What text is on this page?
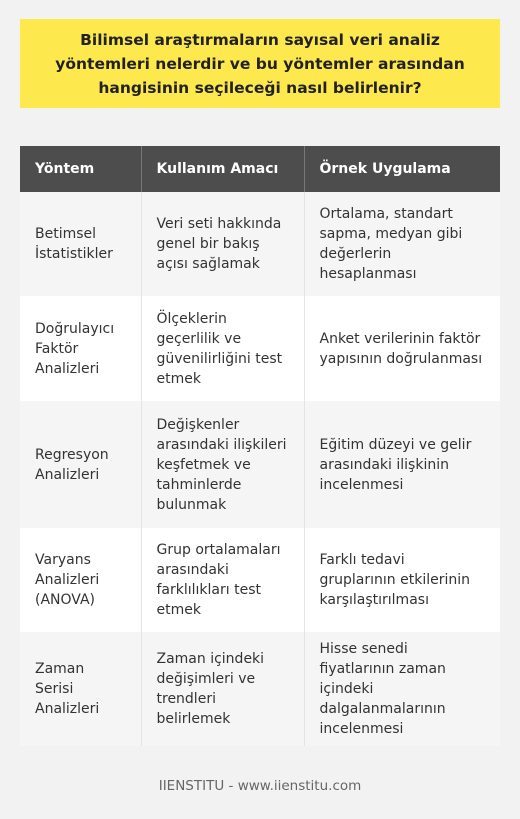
Bilimsel araştırmaların sayısal veri analiz yöntemleri nelerdir ve bu yöntemler arasından hangisinin seçileceği nasıl belirlenir?
Yöntem	Kullanım Amacı	Örnek Uygulama
Betimsel İstatistikler	Veri seti hakkında genel bir bakış açısı sağlamak	Ortalama, standart sapma, medyan gibi değerlerin hesaplanması
Doğrulayıcı Faktör Analizleri	Ölçeklerin geçerlilik ve güvenilirliğini test etmek	Anket verilerinin faktör yapısının doğrulanması
Regresyon Analizleri	Değişkenler arasındaki ilişkileri keşfetmek ve tahminlerde bulunmak	Eğitim düzeyi ve gelir arasındaki ilişkinin incelenmesi
Varyans Analizleri (ANOVA)	Grup ortalamaları arasındaki farklılıkları test etmek	Farklı tedavi gruplarının etkilerinin karşılaştırılması
Zaman Serisi Analizleri	Zaman içindeki değişimleri ve trendleri belirlemek	Hisse senedi fiyatlarının zaman içindeki dalgalanmalarının incelenmesi
IIENSTITU - www.iienstitu.com
